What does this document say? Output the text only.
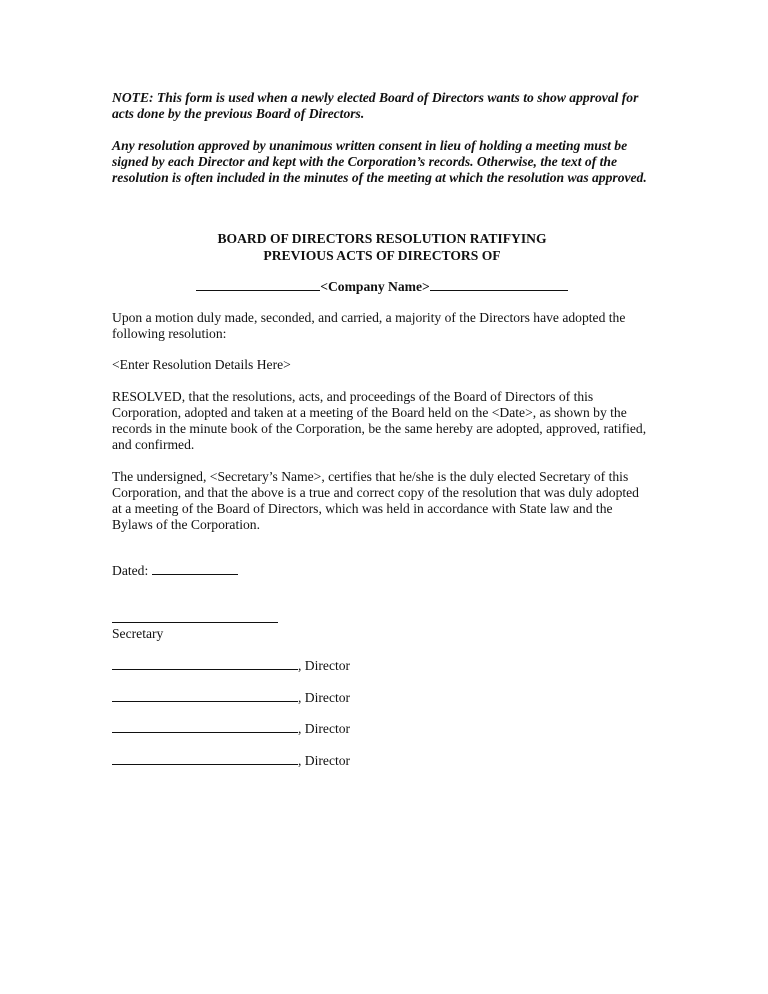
NOTE: This form is used when a newly elected Board of Directors wants to show approval for acts done by the previous Board of Directors.

Any resolution approved by unanimous written consent in lieu of holding a meeting must be signed by each Director and kept with the Corporation’s records. Otherwise, the text of the resolution is often included in the minutes of the meeting at which the resolution was approved.

BOARD OF DIRECTORS RESOLUTION RATIFYING

PREVIOUS ACTS OF DIRECTORS OF

<Company Name>

Upon a motion duly made, seconded, and carried, a majority of the Directors have adopted the following resolution:

<Enter Resolution Details Here>

RESOLVED, that the resolutions, acts, and proceedings of the Board of Directors of this Corporation, adopted and taken at a meeting of the Board held on the <Date>, as shown by the records in the minute book of the Corporation, be the same hereby are adopted, approved, ratified, and confirmed.

The undersigned, <Secretary’s Name>, certifies that he/she is the duly elected Secretary of this Corporation, and that the above is a true and correct copy of the resolution that was duly adopted at a meeting of the Board of Directors, which was held in accordance with State law and the Bylaws of the Corporation.

Dated:
Secretary
, Director
, Director
, Director
, Director
